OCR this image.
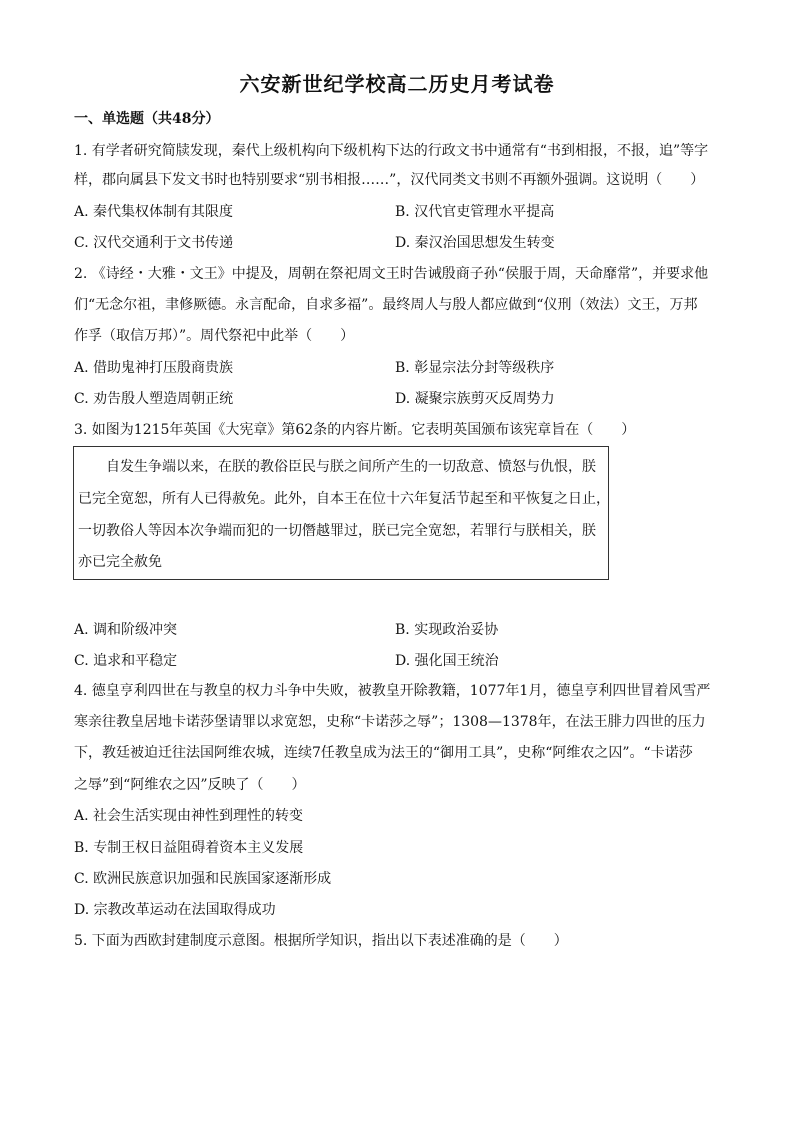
六安新世纪学校高二历史月考试卷
一、单选题（共48分）
1. 有学者研究简牍发现，秦代上级机构向下级机构下达的行政文书中通常有“书到相报，不报，追”等字
样，郡向属县下发文书时也特别要求“别书相报……”，汉代同类文书则不再额外强调。这说明（　　）
A. 秦代集权体制有其限度	B. 汉代官吏管理水平提高
C. 汉代交通利于文书传递	D. 秦汉治国思想发生转变
2. 《诗经・大雅・文王》中提及，周朝在祭祀周文王时告诫殷商子孙“侯服于周，天命靡常”，并要求他
们“无念尔祖，聿修厥德。永言配命，自求多福”。最终周人与殷人都应做到“仪刑（效法）文王，万邦
作孚（取信万邦）”。周代祭祀中此举（　　）
A. 借助鬼神打压殷商贵族	B. 彰显宗法分封等级秩序
C. 劝告殷人塑造周朝正统	D. 凝聚宗族剪灭反周势力
3. 如图为1215年英国《大宪章》第62条的内容片断。它表明英国颁布该宪章旨在（　　）
自发生争端以来，在朕的教俗臣民与朕之间所产生的一切敌意、愤怒与仇恨，朕
已完全宽恕，所有人已得赦免。此外，自本王在位十六年复活节起至和平恢复之日止，
一切教俗人等因本次争端而犯的一切僭越罪过，朕已完全宽恕，若罪行与朕相关，朕
亦已完全赦免
A. 调和阶级冲突	B. 实现政治妥协
C. 追求和平稳定	D. 强化国王统治
4. 德皇亨利四世在与教皇的权力斗争中失败，被教皇开除教籍，1077年1月，德皇亨利四世冒着风雪严
寒亲往教皇居地卡诺莎堡请罪以求宽恕，史称“卡诺莎之辱”；1308—1378年，在法王腓力四世的压力
下，教廷被迫迁往法国阿维农城，连续7任教皇成为法王的“御用工具”，史称“阿维农之囚”。“卡诺莎
之辱”到“阿维农之囚”反映了（　　）
A. 社会生活实现由神性到理性的转变
B. 专制王权日益阻碍着资本主义发展
C. 欧洲民族意识加强和民族国家逐渐形成
D. 宗教改革运动在法国取得成功
5. 下面为西欧封建制度示意图。根据所学知识，指出以下表述准确的是（　　）
